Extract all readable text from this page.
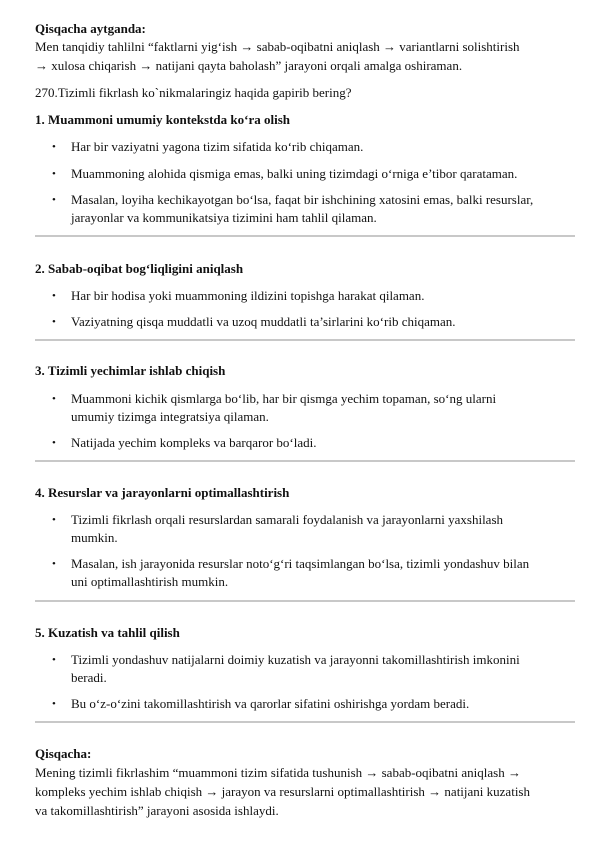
Qisqacha aytganda:

Men tanqidiy tahlilni “faktlarni yig‘ish → sabab-oqibatni aniqlash → variantlarni solishtirish

→ xulosa chiqarish → natijani qayta baholash” jarayoni orqali amalga oshiraman.

270.Tizimli fikrlash ko`nikmalaringiz haqida gapirib bering?

1. Muammoni umumiy kontekstda ko‘ra olish

•	Har bir vaziyatni yagona tizim sifatida ko‘rib chiqaman.

•	Muammoning alohida qismiga emas, balki uning tizimdagi o‘rniga e’tibor qarataman.

•	Masalan, loyiha kechikayotgan bo‘lsa, faqat bir ishchining xatosini emas, balki resurslar,

jarayonlar va kommunikatsiya tizimini ham tahlil qilaman.

2. Sabab-oqibat bog‘liqligini aniqlash

•	Har bir hodisa yoki muammoning ildizini topishga harakat qilaman.

•	Vaziyatning qisqa muddatli va uzoq muddatli ta’sirlarini ko‘rib chiqaman.

3. Tizimli yechimlar ishlab chiqish

•	Muammoni kichik qismlarga bo‘lib, har bir qismga yechim topaman, so‘ng ularni

umumiy tizimga integratsiya qilaman.

•	Natijada yechim kompleks va barqaror bo‘ladi.

4. Resurslar va jarayonlarni optimallashtirish

•	Tizimli fikrlash orqali resurslardan samarali foydalanish va jarayonlarni yaxshilash

mumkin.

•	Masalan, ish jarayonida resurslar noto‘g‘ri taqsimlangan bo‘lsa, tizimli yondashuv bilan

uni optimallashtirish mumkin.

5. Kuzatish va tahlil qilish

•	Tizimli yondashuv natijalarni doimiy kuzatish va jarayonni takomillashtirish imkonini

beradi.

•	Bu o‘z-o‘zini takomillashtirish va qarorlar sifatini oshirishga yordam beradi.

Qisqacha:

Mening tizimli fikrlashim “muammoni tizim sifatida tushunish → sabab-oqibatni aniqlash →

kompleks yechim ishlab chiqish → jarayon va resurslarni optimallashtirish → natijani kuzatish

va takomillashtirish” jarayoni asosida ishlaydi.
